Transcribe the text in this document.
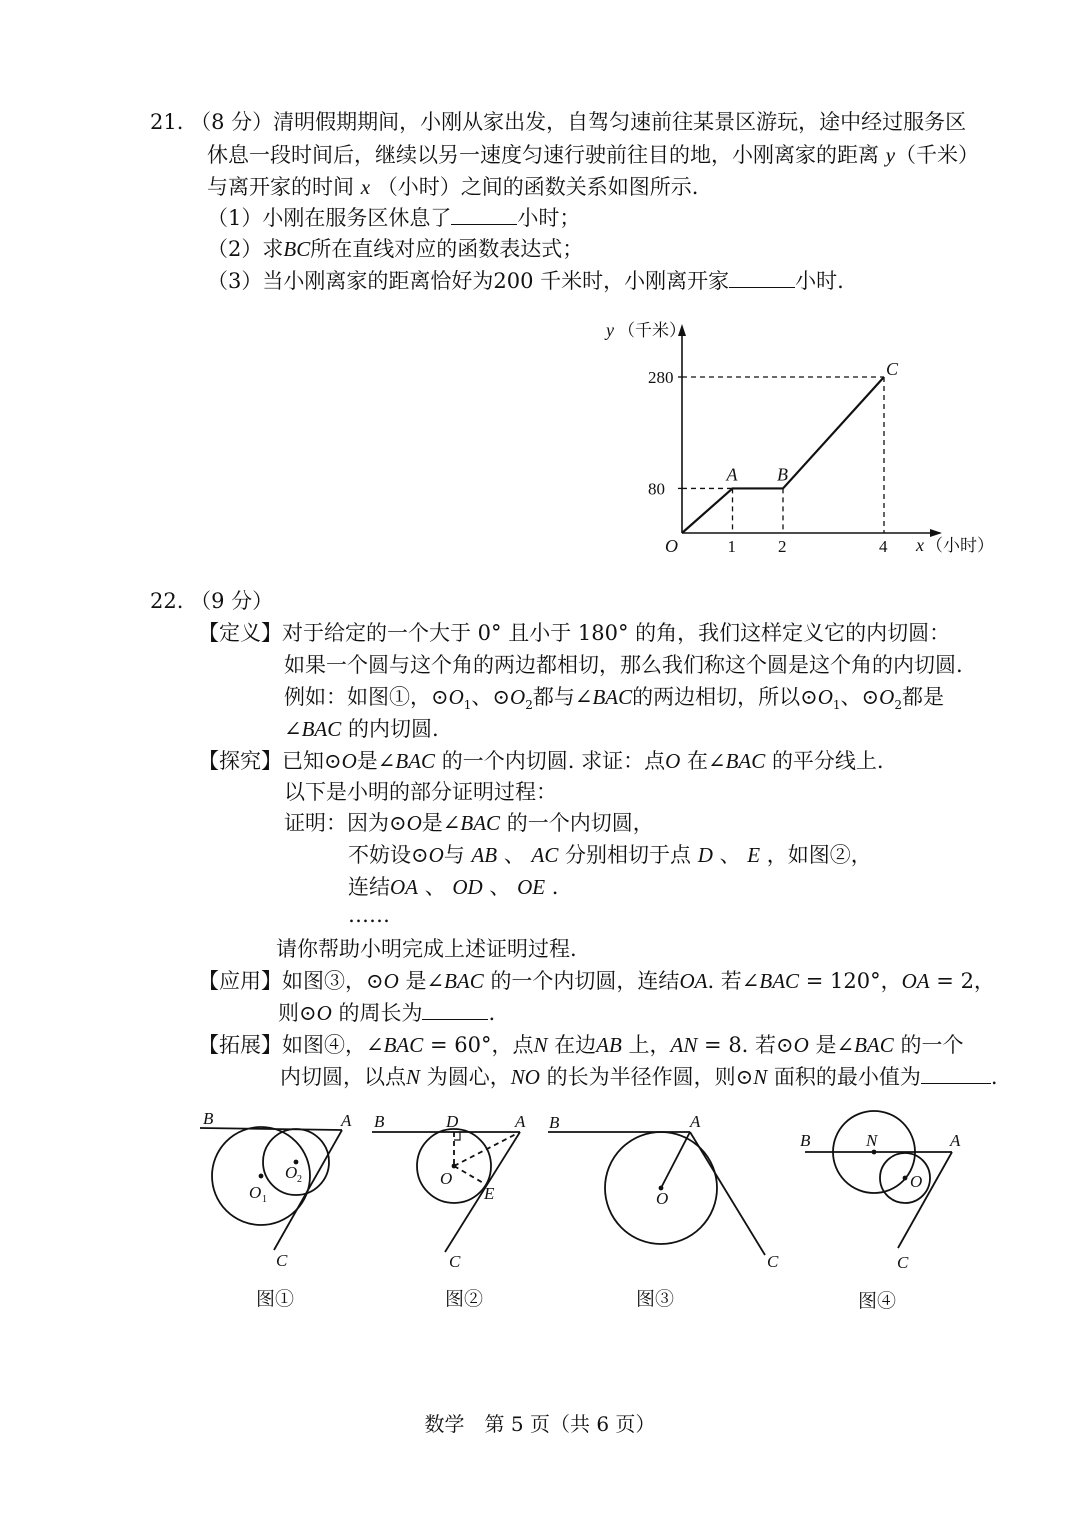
21. （8 分）清明假期期间，小刚从家出发，自驾匀速前往某景区游玩，途中经过服务区
休息一段时间后，继续以另一速度匀速行驶前往目的地，小刚离家的距离 y（千米）
与离开家的时间 x （小时）之间的函数关系如图所示.
（1）小刚在服务区休息了	小时；
（2）求BC所在直线对应的函数表达式；
（3）当小刚离家的距离恰好为200 千米时，小刚离开家	小时.
y （千米）
x （小时）
O
80
280
1 2	4
A B
C
22. （9 分）
【定义】对于给定的一个大于 0° 且小于 180° 的角，我们这样定义它的内切圆：
如果一个圆与这个角的两边都相切，那么我们称这个圆是这个角的内切圆.
例如：如图①，$⊙O_1$、$⊙O_2$都与∠BAC的两边相切，所以$⊙O_1$、$⊙O_2$都是
∠BAC 的内切圆.
【探究】已知⊙O是∠BAC 的一个内切圆. 求证：点O 在∠BAC 的平分线上.
以下是小明的部分证明过程：
证明：因为⊙O是∠BAC 的一个内切圆，
不妨设⊙O与 AB 、 AC 分别相切于点 D 、 E ，如图②，
连结OA 、 OD 、 OE .
……
请你帮助小明完成上述证明过程.
【应用】如图③，⊙O 是∠BAC 的一个内切圆，连结OA. 若∠BAC = 120°，OA = 2，
则⊙O 的周长为	.
【拓展】如图④，∠BAC = 60°，点N 在边AB 上，AN = 8. 若⊙O 是∠BAC 的一个
内切圆，以点N 为圆心，NO 的长为半径作圆，则⊙N 面积的最小值为	.
B	A
C
O 1
O 2
B	D	A
O
E
C
B	A
O
C
B	N	A
O
C
图①	图②	图③	图④
数学　第 5 页（共 6 页）
